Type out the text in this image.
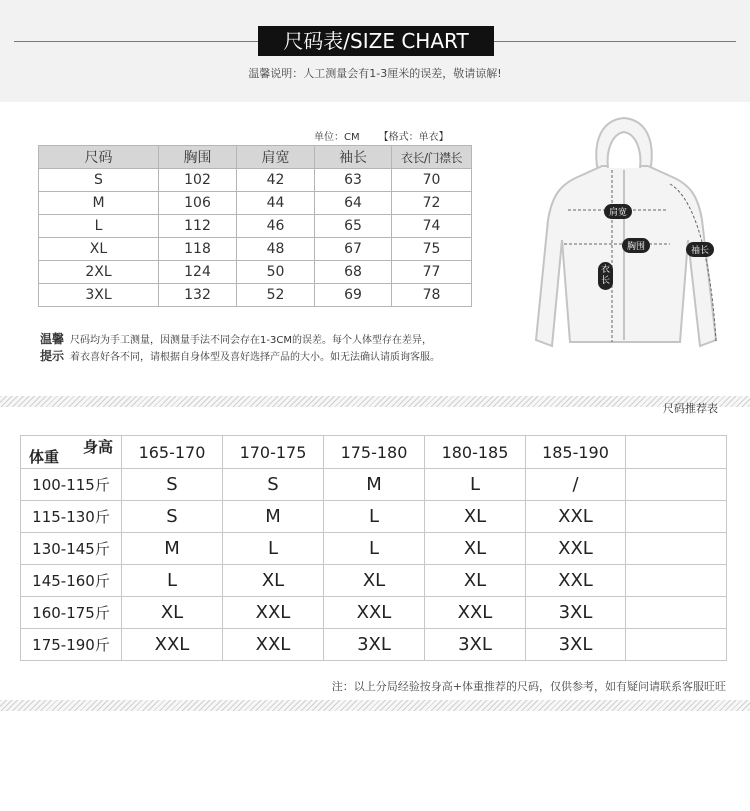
尺码表/SIZE CHART
温馨说明：人工测量会有1-3厘米的误差，敬请谅解!
单位：CM      【格式：单衣】
尺码	胸围	肩宽	袖长	衣长/门襟长
S	102	42	63	70
M	106	44	64	72
L	112	46	65	74
XL	118	48	67	75
2XL	124	50	68	77
3XL	132	52	69	78
温馨 尺码均为手工测量，因测量手法不同会存在1-3CM的误差。每个人体型存在差异，
提示 着衣喜好各不同，请根据自身体型及喜好选择产品的大小。如无法确认请质询客服。
肩宽
胸围	袖长
衣
长
尺码推荐表
身高
体重	165-170	170-175	175-180	180-185	185-190	
100-115斤	S	S	M	L	/	
115-130斤	S	M	L	XL	XXL	
130-145斤	M	L	L	XL	XXL	
145-160斤	L	XL	XL	XL	XXL	
160-175斤	XL	XXL	XXL	XXL	3XL	
175-190斤	XXL	XXL	3XL	3XL	3XL	
注：以上分局经验按身高+体重推荐的尺码，仅供参考，如有疑问请联系客服旺旺
